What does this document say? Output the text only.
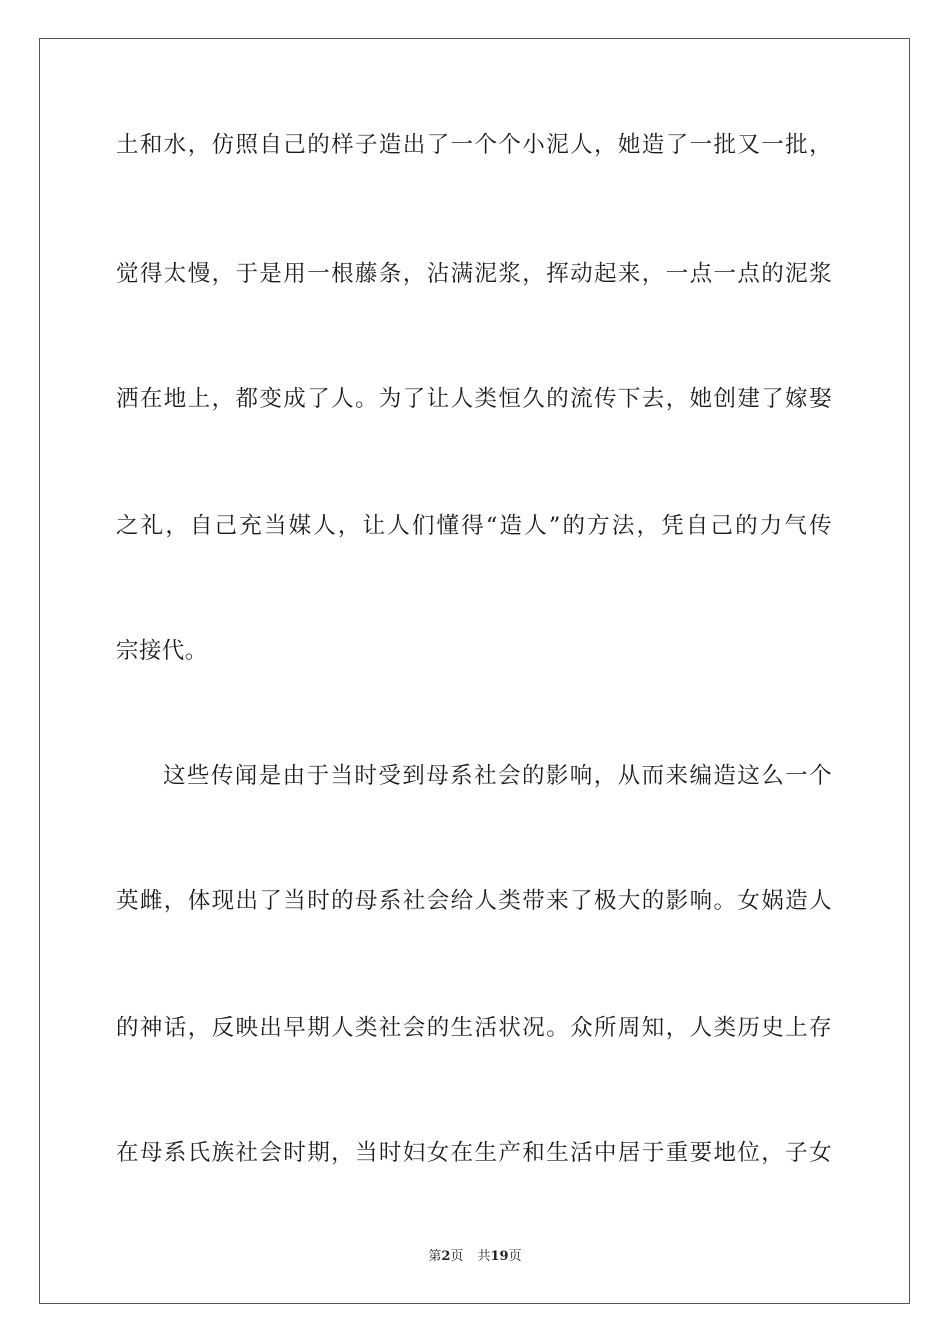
土和水，仿照自己的样子造出了一个个小泥人，她造了一批又一批，
觉得太慢，于是用一根藤条，沾满泥浆，挥动起来，一点一点的泥浆
洒在地上，都变成了人。为了让人类恒久的流传下去，她创建了嫁娶
之礼，自己充当媒人，让人们懂得“造人”的方法，凭自己的力气传
宗接代。
这些传闻是由于当时受到母系社会的影响，从而来编造这么一个
英雌，体现出了当时的母系社会给人类带来了极大的影响。女娲造人
的神话，反映出早期人类社会的生活状况。众所周知，人类历史上存
在母系氏族社会时期，当时妇女在生产和生活中居于重要地位，子女
第2页 共19页
